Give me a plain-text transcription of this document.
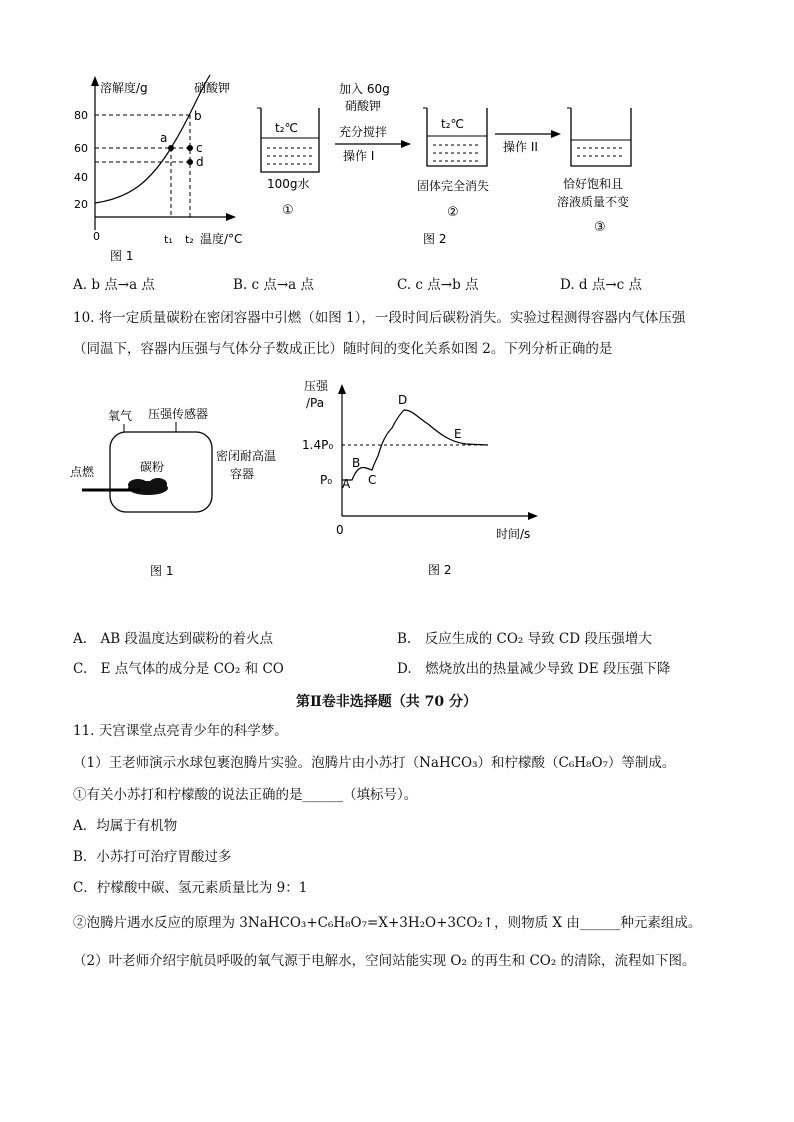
溶解度/g	硝酸钾
80
60
40
20
0
a
b
c
d
t₁ t₂ 温度/°C
图 1
t₂℃
100g水
①
加入 60g
硝酸钾
充分搅拌
操作 I
t₂℃
固体完全消失
②
操作 II
恰好饱和且
溶液质量不变
③
图 2
A. b 点→a 点	B. c 点→a 点	C. c 点→b 点	D. d 点→c 点
10. 将一定质量碳粉在密闭容器中引燃（如图 1），一段时间后碳粉消失。实验过程测得容器内气体压强
（同温下，容器内压强与气体分子数成正比）随时间的变化关系如图 2。下列分析正确的是
氧气 压强传感器
碳粉
点燃
密闭耐高温
容器
图 1
压强
/Pa
1.4P₀
P₀
0	时间/s
A
B
C
D
E
图 2
A.　AB 段温度达到碳粉的着火点	B.　反应生成的 CO₂ 导致 CD 段压强增大
C.　E 点气体的成分是 CO₂ 和 CO	D.　燃烧放出的热量减少导致 DE 段压强下降
第Ⅱ卷非选择题（共 70 分）
11. 天宫课堂点亮青少年的科学梦。
（1）王老师演示水球包裹泡腾片实验。泡腾片由小苏打（NaHCO₃）和柠檬酸（C₆H₈O₇）等制成。
①有关小苏打和柠檬酸的说法正确的是______（填标号）。
A．均属于有机物
B．小苏打可治疗胃酸过多
C．柠檬酸中碳、氢元素质量比为 9：1
②泡腾片遇水反应的原理为 3NaHCO₃+C₆H₈O₇=X+3H₂O+3CO₂↑，则物质 X 由______种元素组成。
（2）叶老师介绍宇航员呼吸的氧气源于电解水，空间站能实现 O₂ 的再生和 CO₂ 的清除，流程如下图。
